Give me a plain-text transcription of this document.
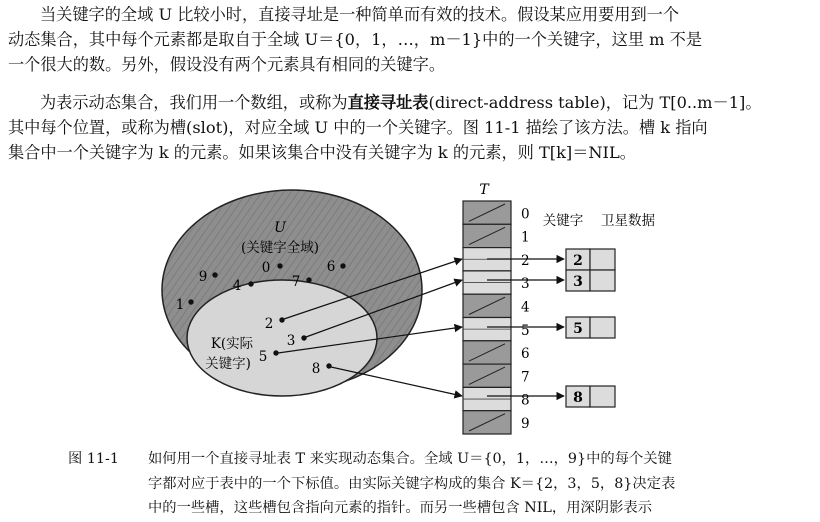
当关键字的全域 U 比较小时，直接寻址是一种简单而有效的技术。假设某应用要用到一个
动态集合，其中每个元素都是取自于全域 U＝{0，1，…，m－1}中的一个关键字，这里 m 不是
一个很大的数。另外，假设没有两个元素具有相同的关键字。
为表示动态集合，我们用一个数组，或称为直接寻址表(direct-address table)，记为 T[0..m－1]。
其中每个位置，或称为槽(slot)，对应全域 U 中的一个关键字。图 11-1 描绘了该方法。槽 k 指向
集合中一个关键字为 k 的元素。如果该集合中没有关键字为 k 的元素，则 T[k]＝NIL。
U
(关键字全域)
K(实际
关键字)
0	6
9	7
4
1
2
3
5
8
T
0
1
2
3
4
5
6
7
8
9
关键字 卫星数据
2
3
5
8
图 11-1 如何用一个直接寻址表 T 来实现动态集合。全域 U＝{0，1，…，9}中的每个关键
字都对应于表中的一个下标值。由实际关键字构成的集合 K＝{2，3，5，8}决定表
中的一些槽，这些槽包含指向元素的指针。而另一些槽包含 NIL，用深阴影表示
